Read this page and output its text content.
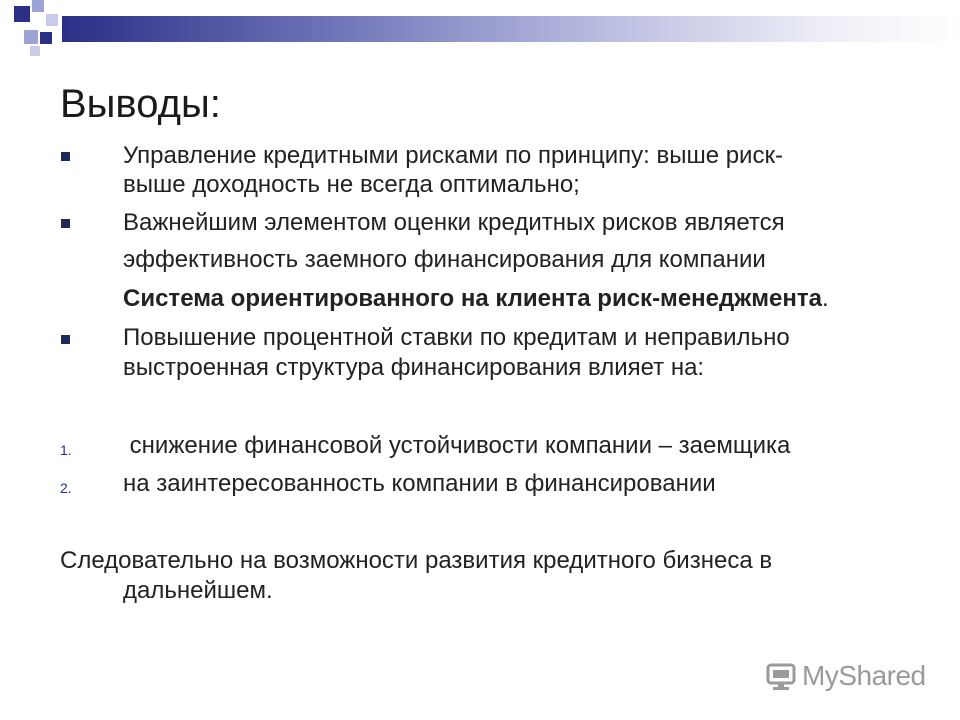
Выводы:

Управление кредитными рисками по принципу: выше риск-

выше доходность не всегда оптимально;

Важнейшим элементом оценки кредитных рисков является

эффективность заемного финансирования для компании

Система ориентированного на клиента риск-менеджмента.

Повышение процентной ставки по кредитам и неправильно

выстроенная структура финансирования влияет на:

1. снижение финансовой устойчивости компании – заемщика

2. на заинтересованность компании в финансировании

Следовательно на возможности развития кредитного бизнеса в

дальнейшем.

MyShared
